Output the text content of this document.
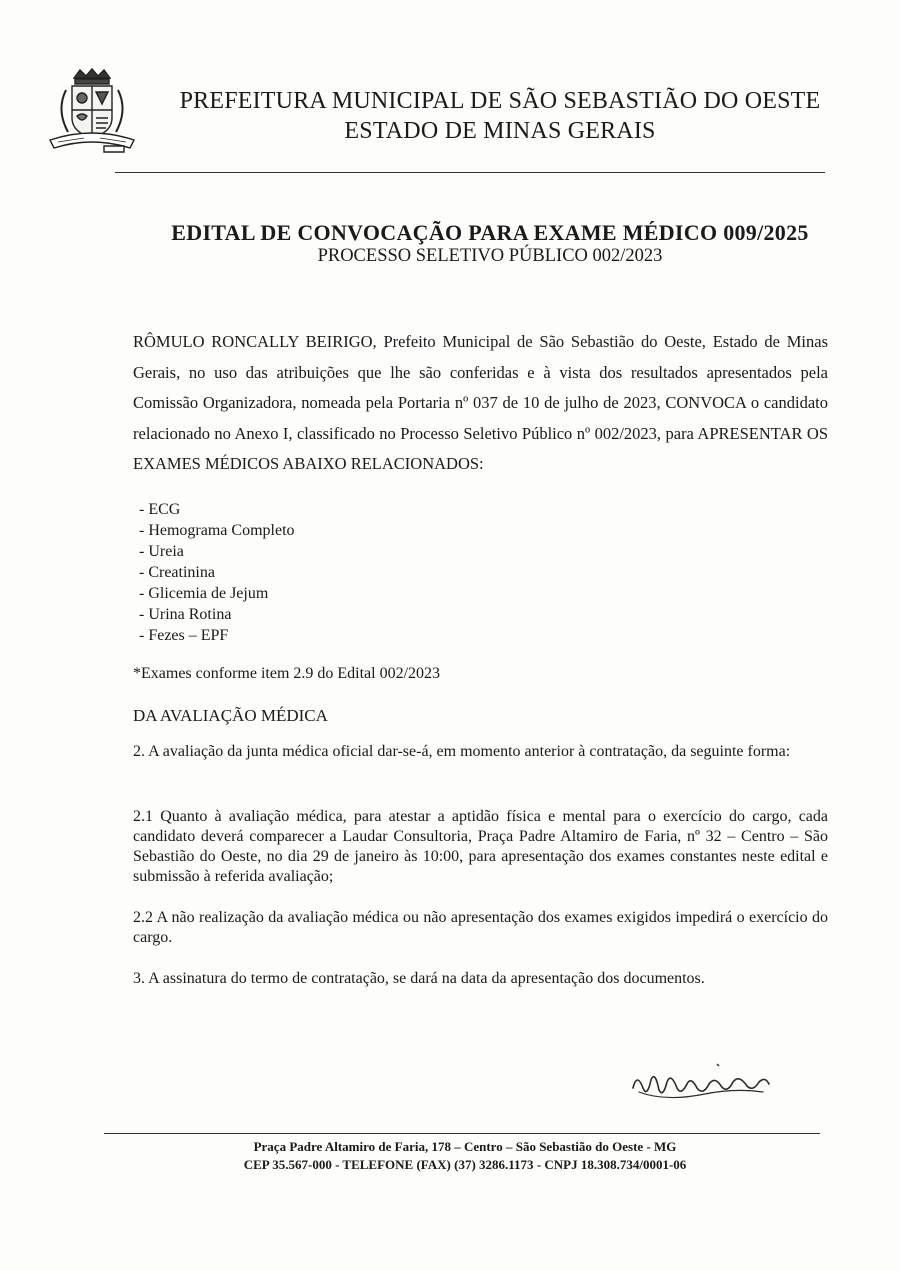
PREFEITURA MUNICIPAL DE SÃO SEBASTIÃO DO OESTE
ESTADO DE MINAS GERAIS
EDITAL DE CONVOCAÇÃO PARA EXAME MÉDICO 009/2025
PROCESSO SELETIVO PÚBLICO 002/2023
RÔMULO RONCALLY BEIRIGO, Prefeito Municipal de São Sebastião do Oeste, Estado de Minas Gerais, no uso das atribuições que lhe são conferidas e à vista dos resultados apresentados pela Comissão Organizadora, nomeada pela Portaria nº 037 de 10 de julho de 2023, CONVOCA o candidato relacionado no Anexo I, classificado no Processo Seletivo Público nº 002/2023, para APRESENTAR OS EXAMES MÉDICOS ABAIXO RELACIONADOS:
- ECG
- Hemograma Completo
- Ureia
- Creatinina
- Glicemia de Jejum
- Urina Rotina
- Fezes – EPF
*Exames conforme item 2.9 do Edital 002/2023
DA AVALIAÇÃO MÉDICA
2. A avaliação da junta médica oficial dar-se-á, em momento anterior à contratação, da seguinte forma:
2.1 Quanto à avaliação médica, para atestar a aptidão física e mental para o exercício do cargo, cada candidato deverá comparecer a Laudar Consultoria, Praça Padre Altamiro de Faria, nº 32 – Centro – São Sebastião do Oeste, no dia 29 de janeiro às 10:00, para apresentação dos exames constantes neste edital e submissão à referida avaliação;
2.2 A não realização da avaliação médica ou não apresentação dos exames exigidos impedirá o exercício do cargo.
3. A assinatura do termo de contratação, se dará na data da apresentação dos documentos.
Praça Padre Altamiro de Faria, 178 – Centro – São Sebastião do Oeste - MG
CEP 35.567-000 - TELEFONE (FAX) (37) 3286.1173 - CNPJ 18.308.734/0001-06
